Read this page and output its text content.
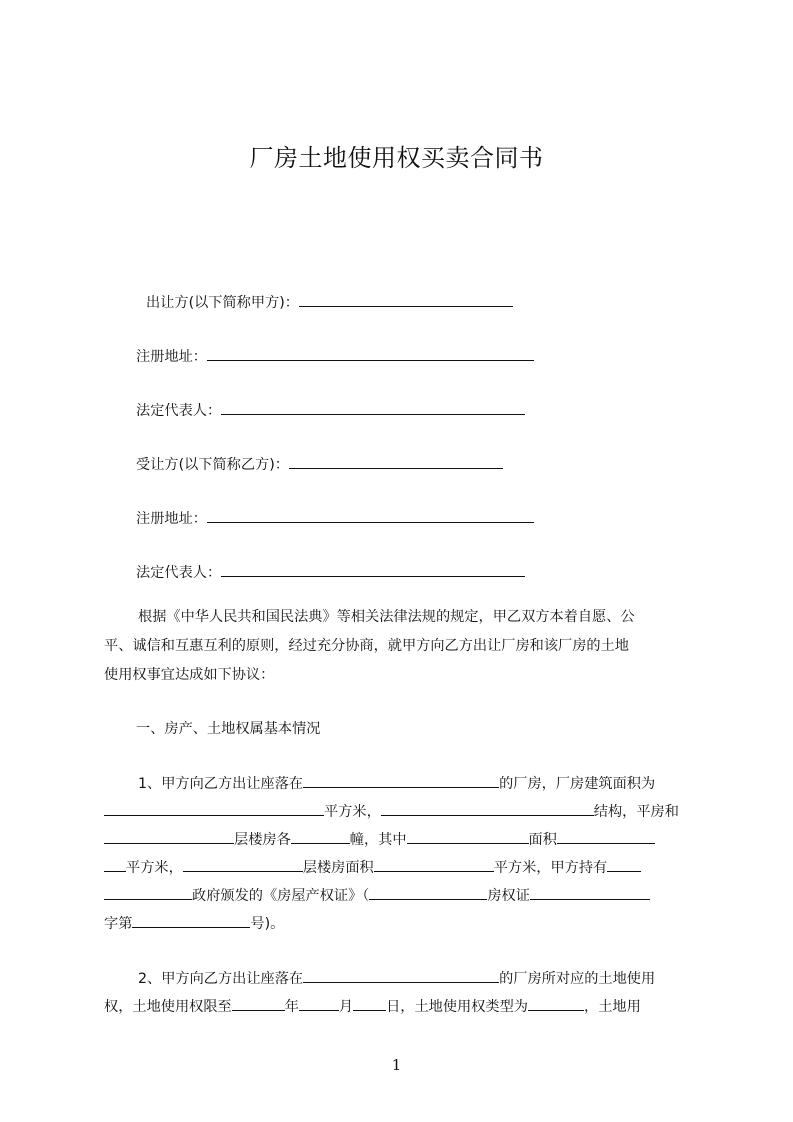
厂房土地使用权买卖合同书
出让方(以下简称甲方)：
注册地址：
法定代表人：
受让方(以下简称乙方)：
注册地址：
法定代表人：
根据《中华人民共和国民法典》等相关法律法规的规定，甲乙双方本着自愿、公
平、诚信和互惠互利的原则，经过充分协商，就甲方向乙方出让厂房和该厂房的土地
使用权事宜达成如下协议：
一、房产、土地权属基本情况
1、甲方向乙方出让座落在	的厂房，厂房建筑面积为
平方米，	结构，平房和
层楼房各	幢，其中	面积
平方米，	层楼房面积	平方米，甲方持有
政府颁发的《房屋产权证》（	房权证
字第	号)。
2、甲方向乙方出让座落在	的厂房所对应的土地使用
权，土地使用权限至	年	月 日，土地使用权类型为	，土地用
1
